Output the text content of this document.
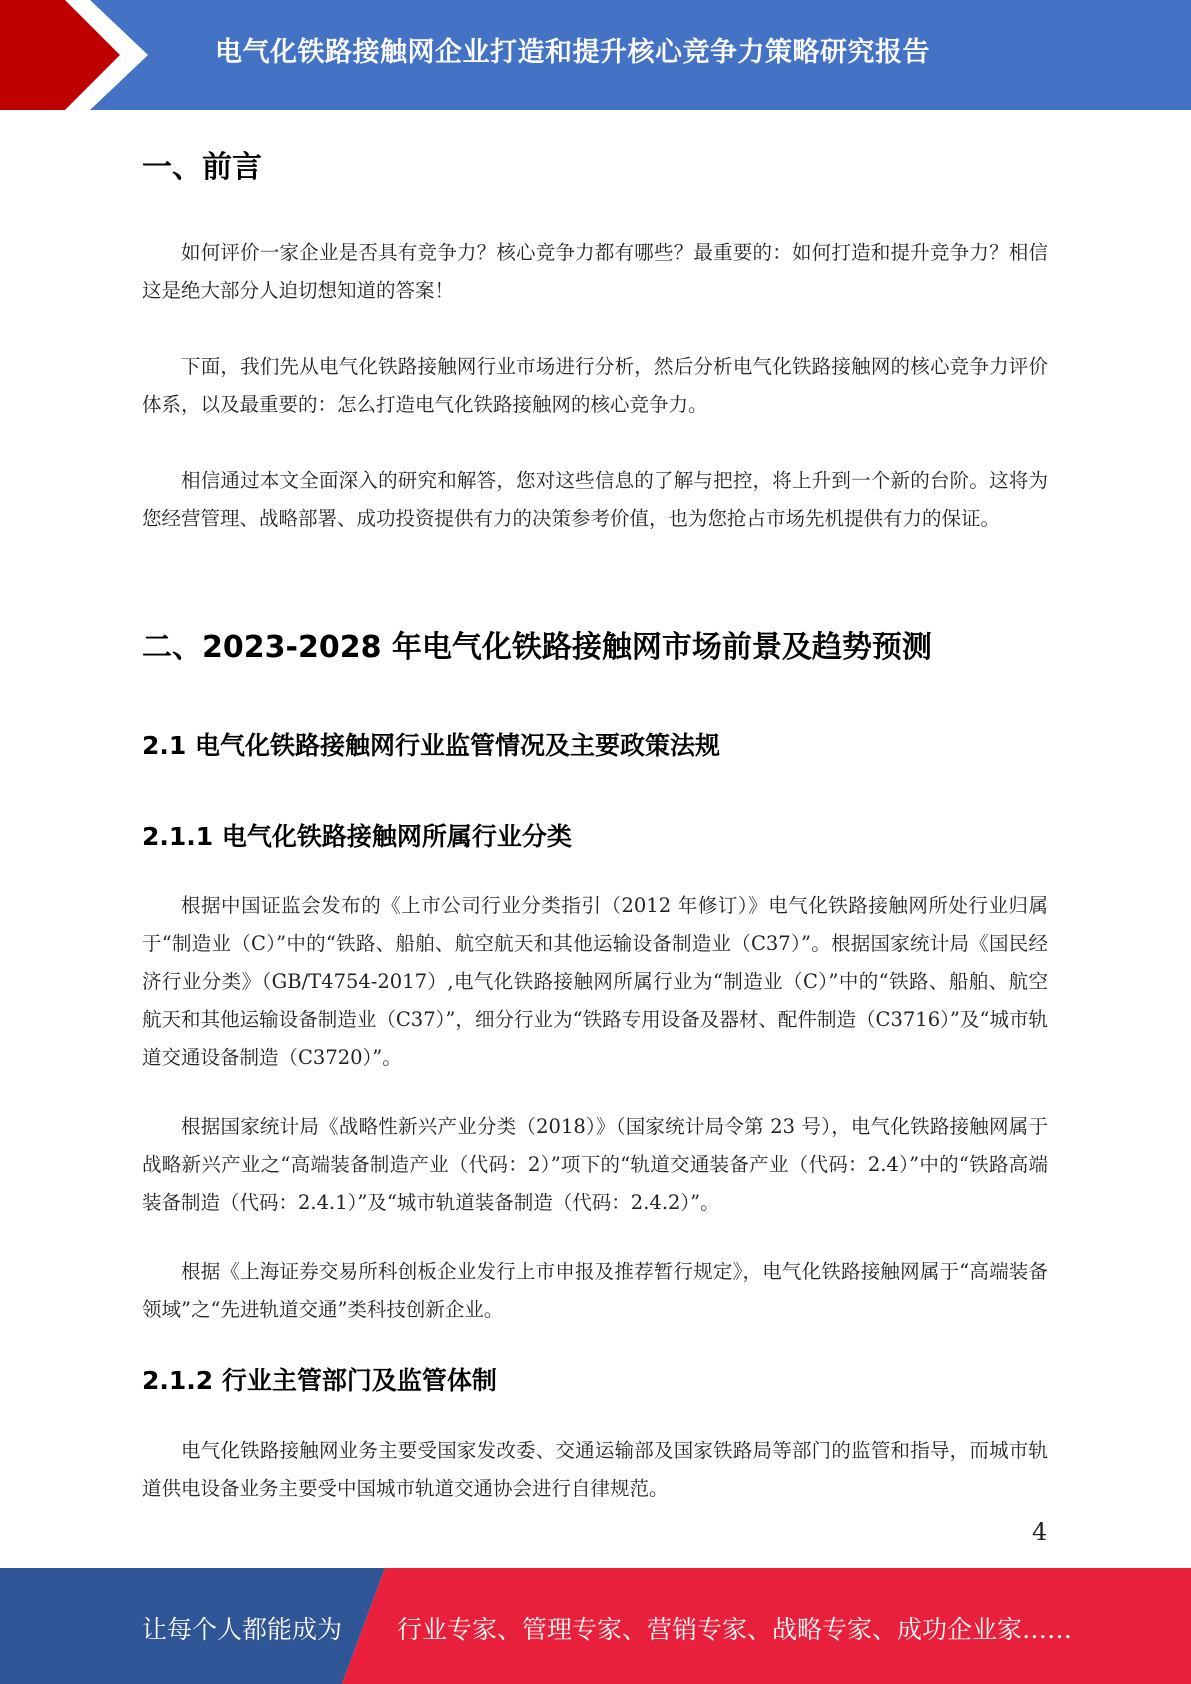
电气化铁路接触网企业打造和提升核心竞争力策略研究报告
一、前言

如何评价一家企业是否具有竞争力？核心竞争力都有哪些？最重要的：如何打造和提升竞争力？相信这是绝大部分人迫切想知道的答案！

下面，我们先从电气化铁路接触网行业市场进行分析，然后分析电气化铁路接触网的核心竞争力评价体系，以及最重要的：怎么打造电气化铁路接触网的核心竞争力。

相信通过本文全面深入的研究和解答，您对这些信息的了解与把控，将上升到一个新的台阶。这将为您经营管理、战略部署、成功投资提供有力的决策参考价值，也为您抢占市场先机提供有力的保证。

二、2023-2028 年电气化铁路接触网市场前景及趋势预测
2.1 电气化铁路接触网行业监管情况及主要政策法规
2.1.1 电气化铁路接触网所属行业分类

根据中国证监会发布的《上市公司行业分类指引（2012 年修订）》电气化铁路接触网所处行业归属于“制造业（C）”中的“铁路、船舶、航空航天和其他运输设备制造业（C37）”。根据国家统计局《国民经济行业分类》（GB/T4754-2017）,电气化铁路接触网所属行业为“制造业（C）”中的“铁路、船舶、航空航天和其他运输设备制造业（C37）”，细分行业为“铁路专用设备及器材、配件制造（C3716）”及“城市轨道交通设备制造（C3720）”。

根据国家统计局《战略性新兴产业分类（2018）》（国家统计局令第 23 号），电气化铁路接触网属于战略新兴产业之“高端装备制造产业（代码：2）”项下的“轨道交通装备产业（代码：2.4）”中的“铁路高端装备制造（代码：2.4.1）”及“城市轨道装备制造（代码：2.4.2）”。

根据《上海证券交易所科创板企业发行上市申报及推荐暂行规定》，电气化铁路接触网属于“高端装备领域”之“先进轨道交通”类科技创新企业。

2.1.2 行业主管部门及监管体制

电气化铁路接触网业务主要受国家发改委、交通运输部及国家铁路局等部门的监管和指导，而城市轨道供电设备业务主要受中国城市轨道交通协会进行自律规范。

4
让每个人都能成为 行业专家、管理专家、营销专家、战略专家、成功企业家……
